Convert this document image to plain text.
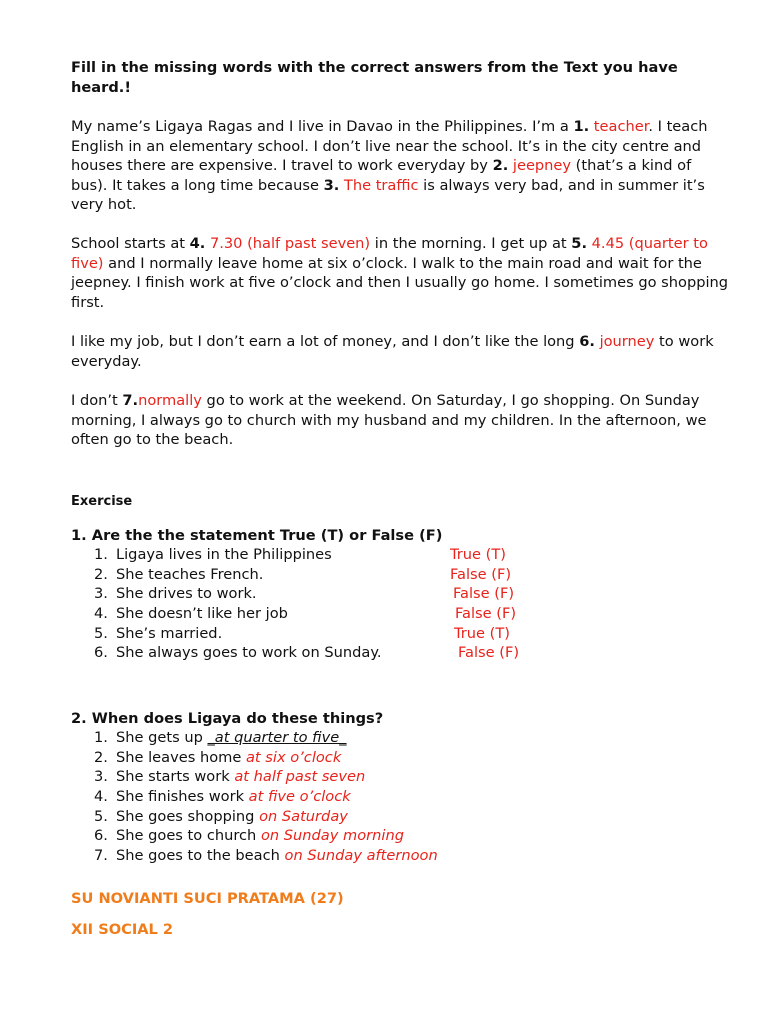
Fill in the missing words with the correct answers from the Text you have heard.!
My name’s Ligaya Ragas and I live in Davao in the Philippines. I’m a 1. teacher. I teach English in an elementary school. I don’t live near the school. It’s in the city centre and houses there are expensive. I travel to work everyday by 2. jeepney (that’s a kind of bus). It takes a long time because 3. The traffic is always very bad, and in summer it’s very hot.
School starts at 4. 7.30 (half past seven) in the morning. I get up at 5. 4.45 (quarter to five) and I normally leave home at six o’clock. I walk to the main road and wait for the jeepney. I finish work at five o’clock and then I usually go home. I sometimes go shopping first.
I like my job, but I don’t earn a lot of money, and I don’t like the long 6. journey to work everyday.
I don’t 7.normally go to work at the weekend. On Saturday, I go shopping. On Sunday morning, I always go to church with my husband and my children. In the afternoon, we often go to the beach.
Exercise
1. Are the the statement True (T) or False (F)
1. Ligaya lives in the Philippines	True (T)
2. She teaches French.	False (F)
3. She drives to work.	False (F)
4. She doesn’t like her job	False (F)
5. She’s married.	True (T)
6. She always goes to work on Sunday.	False (F)
2. When does Ligaya do these things?
1. She gets up _at quarter to five_
2. She leaves home at six o’clock
3. She starts work at half past seven
4. She finishes work at five o’clock
5. She goes shopping on Saturday
6. She goes to church on Sunday morning
7. She goes to the beach on Sunday afternoon
SU NOVIANTI SUCI PRATAMA (27)
XII SOCIAL 2
